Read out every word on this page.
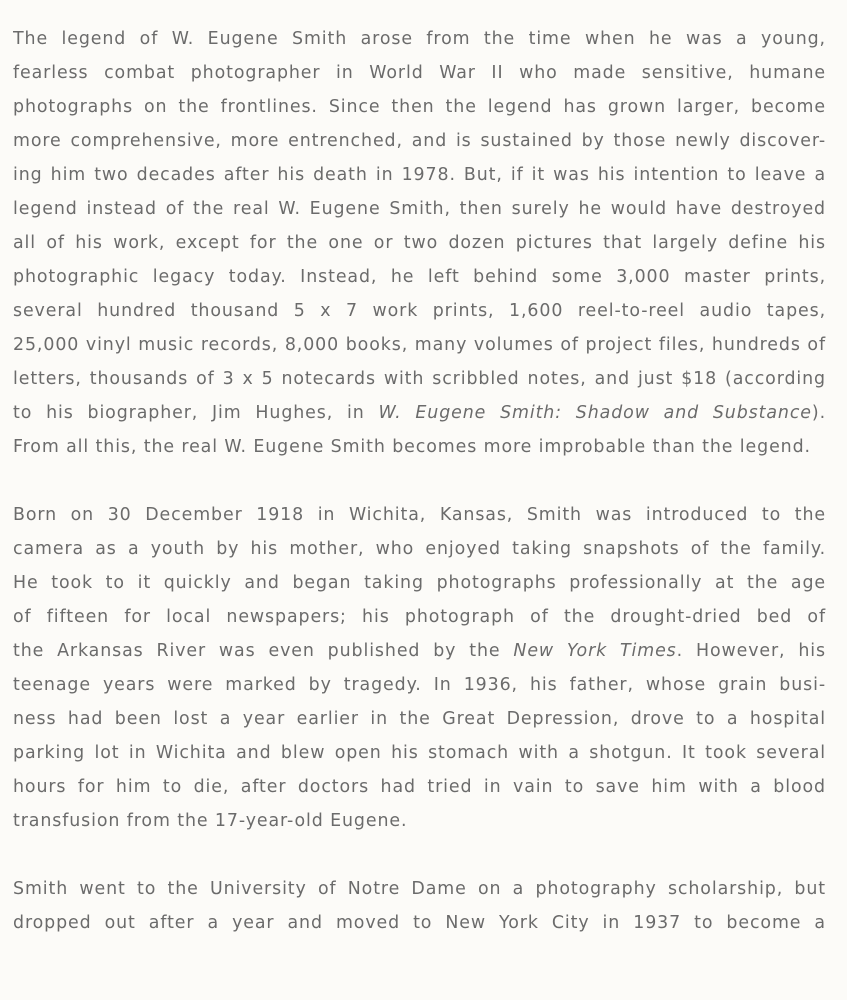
The legend of W. Eugene Smith arose from the time when he was a young,
fearless combat photographer in World War II who made sensitive, humane
photographs on the frontlines. Since then the legend has grown larger, become
more comprehensive, more entrenched, and is sustained by those newly discover-
ing him two decades after his death in 1978. But, if it was his intention to leave a
legend instead of the real W. Eugene Smith, then surely he would have destroyed
all of his work, except for the one or two dozen pictures that largely define his
photographic legacy today. Instead, he left behind some 3,000 master prints,
several hundred thousand 5 x 7 work prints, 1,600 reel-to-reel audio tapes,
25,000 vinyl music records, 8,000 books, many volumes of project files, hundreds of
letters, thousands of 3 x 5 notecards with scribbled notes, and just $18 (according
to his biographer, Jim Hughes, in W. Eugene Smith: Shadow and Substance).
From all this, the real W. Eugene Smith becomes more improbable than the legend.

Born on 30 December 1918 in Wichita, Kansas, Smith was introduced to the
camera as a youth by his mother, who enjoyed taking snapshots of the family.
He took to it quickly and began taking photographs professionally at the age
of fifteen for local newspapers; his photograph of the drought-dried bed of
the Arkansas River was even published by the New York Times. However, his
teenage years were marked by tragedy. In 1936, his father, whose grain busi-
ness had been lost a year earlier in the Great Depression, drove to a hospital
parking lot in Wichita and blew open his stomach with a shotgun. It took several
hours for him to die, after doctors had tried in vain to save him with a blood
transfusion from the 17-year-old Eugene.

Smith went to the University of Notre Dame on a photography scholarship, but
dropped out after a year and moved to New York City in 1937 to become a
